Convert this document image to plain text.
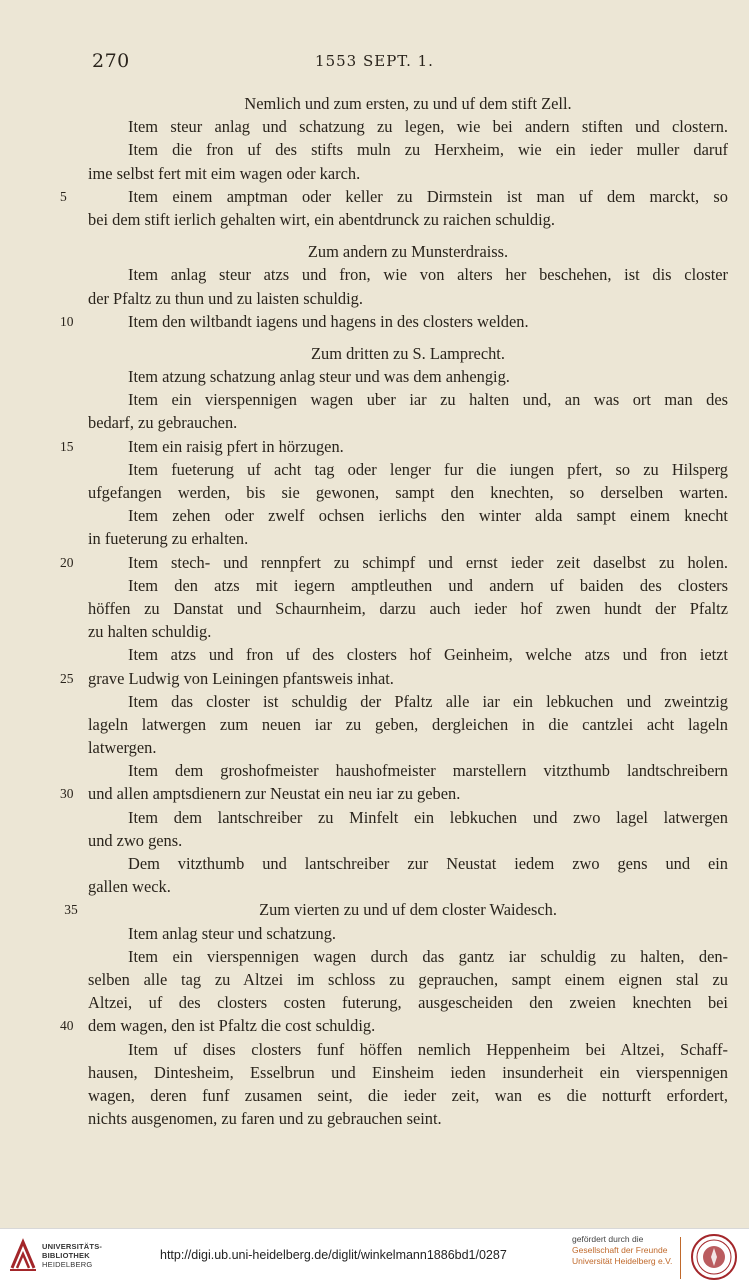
270	1553 SEPT. 1.
Nemlich und zum ersten, zu und uf dem stift Zell.
Item steur anlag und schatzung zu legen, wie bei andern stiften und clostern.
Item die fron uf des stifts muln zu Herxheim, wie ein ieder muller daruf
ime selbst fert mit eim wagen oder karch.
5	Item einem amptman oder keller zu Dirmstein ist man uf dem marckt, so
bei dem stift ierlich gehalten wirt, ein abentdrunck zu raichen schuldig.
Zum andern zu Munsterdraiss.
Item anlag steur atzs und fron, wie von alters her beschehen, ist dis closter
der Pfaltz zu thun und zu laisten schuldig.
10	Item den wiltbandt iagens und hagens in des closters welden.
Zum dritten zu S. Lamprecht.
Item atzung schatzung anlag steur und was dem anhengig.
Item ein vierspennigen wagen uber iar zu halten und, an was ort man des
bedarf, zu gebrauchen.
15	Item ein raisig pfert in hörzugen.
Item fueterung uf acht tag oder lenger fur die iungen pfert, so zu Hilsperg
ufgefangen werden, bis sie gewonen, sampt den knechten, so derselben warten.
Item zehen oder zwelf ochsen ierlichs den winter alda sampt einem knecht
in fueterung zu erhalten.
20	Item stech- und rennpfert zu schimpf und ernst ieder zeit daselbst zu holen.
Item den atzs mit iegern amptleuthen und andern uf baiden des closters
höffen zu Danstat und Schaurnheim, darzu auch ieder hof zwen hundt der Pfaltz
zu halten schuldig.
Item atzs und fron uf des closters hof Geinheim, welche atzs und fron ietzt
25 grave Ludwig von Leiningen pfantsweis inhat.
Item das closter ist schuldig der Pfaltz alle iar ein lebkuchen und zweintzig
lageln latwergen zum neuen iar zu geben, dergleichen in die cantzlei acht lageln
latwergen.
Item dem groshofmeister haushofmeister marstellern vitzthumb landtschreibern
30 und allen amptsdienern zur Neustat ein neu iar zu geben.
Item dem lantschreiber zu Minfelt ein lebkuchen und zwo lagel latwergen
und zwo gens.
Dem vitzthumb und lantschreiber zur Neustat iedem zwo gens und ein
gallen weck.
35	Zum vierten zu und uf dem closter Waidesch.
Item anlag steur und schatzung.
Item ein vierspennigen wagen durch das gantz iar schuldig zu halten, den-
selben alle tag zu Altzei im schloss zu geprauchen, sampt einem eignen stal zu
Altzei, uf des closters costen futerung, ausgescheiden den zweien knechten bei
40 dem wagen, den ist Pfaltz die cost schuldig.
Item uf dises closters funf höffen nemlich Heppenheim bei Altzei, Schaff-
hausen, Dintesheim, Esselbrun und Einsheim ieden insunderheit ein vierspennigen
wagen, deren funf zusamen seint, die ieder zeit, wan es die notturft erfordert,
nichts ausgenomen, zu faren und zu gebrauchen seint.
UNIVERSITÄTS-
BIBLIOTHEK
HEIDELBERG
http://digi.ub.uni-heidelberg.de/diglit/winkelmann1886bd1/0287
gefördert durch die

Gesellschaft der Freunde
Universität Heidelberg e.V.
